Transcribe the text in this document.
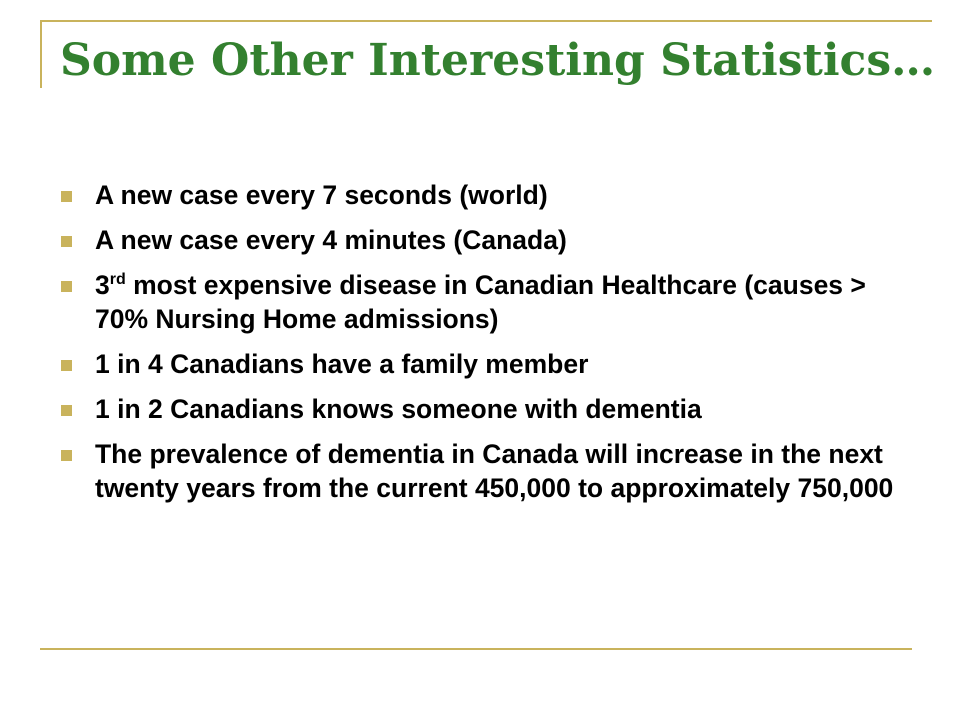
Some Other Interesting Statistics…
A new case every 7 seconds (world)
A new case every 4 minutes (Canada)
3rd most expensive disease in Canadian Healthcare (causes > 70% Nursing Home admissions)
1 in 4 Canadians have a family member
1 in 2 Canadians knows someone with dementia
The prevalence of dementia in Canada will increase in the next twenty years from the current 450,000 to approximately 750,000
